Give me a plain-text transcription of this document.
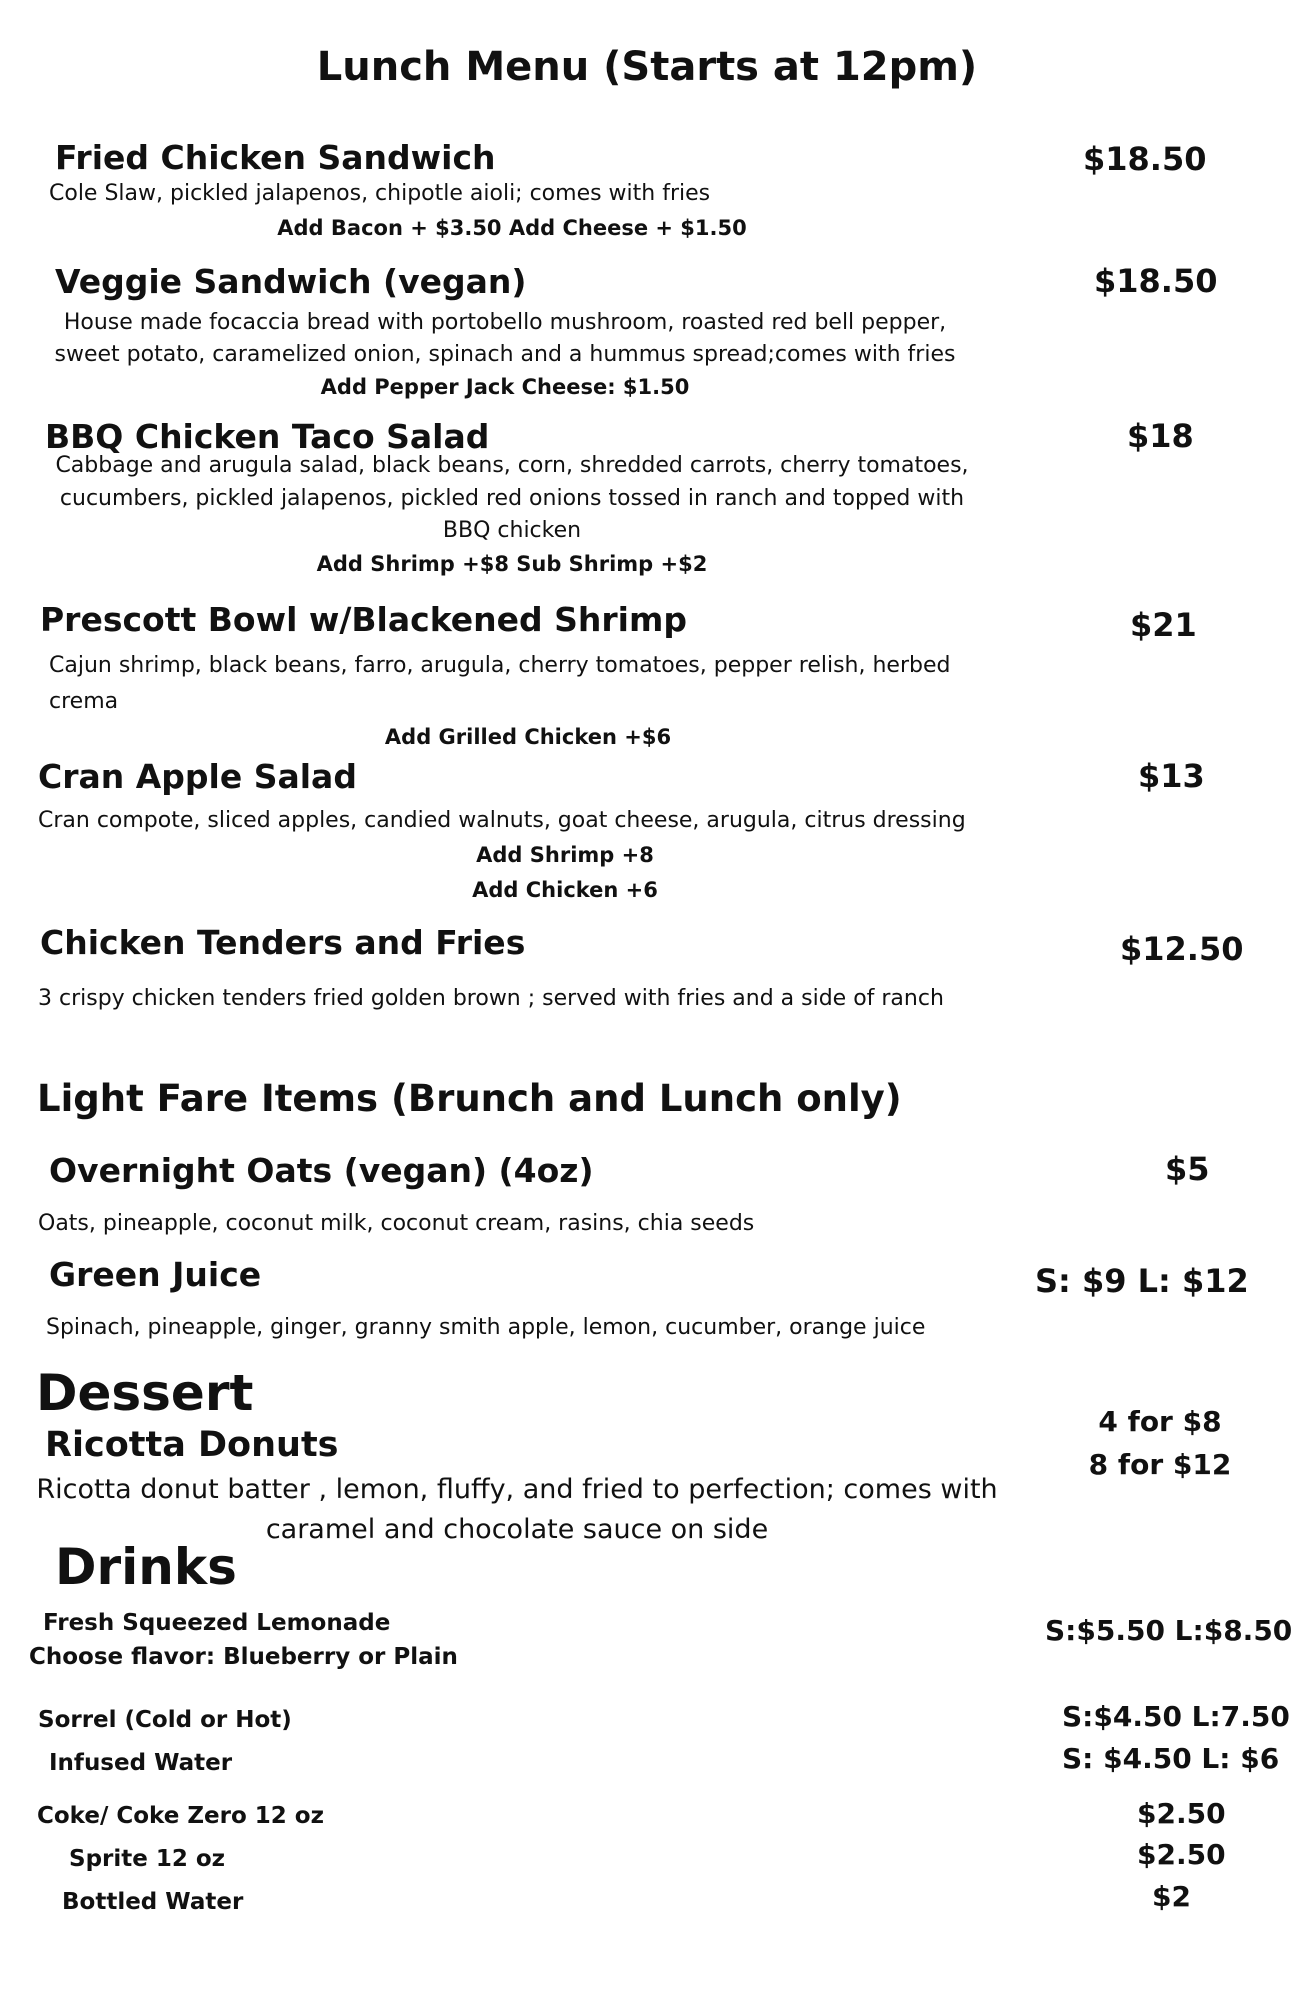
Lunch Menu (Starts at 12pm)
Fried Chicken Sandwich	$18.50
Cole Slaw, pickled jalapenos, chipotle aioli; comes with fries
Add Bacon + $3.50 Add Cheese + $1.50
Veggie Sandwich (vegan)	$18.50
House made focaccia bread with portobello mushroom, roasted red bell pepper,
sweet potato, caramelized onion, spinach and a hummus spread;comes with fries
Add Pepper Jack Cheese: $1.50
BBQ Chicken Taco Salad	$18
Cabbage and arugula salad, black beans, corn, shredded carrots, cherry tomatoes,
cucumbers, pickled jalapenos, pickled red onions tossed in ranch and topped with
BBQ chicken
Add Shrimp +$8 Sub Shrimp +$2
Prescott Bowl w/Blackened Shrimp	$21
Cajun shrimp, black beans, farro, arugula, cherry tomatoes, pepper relish, herbed
crema
Add Grilled Chicken +$6
Cran Apple Salad	$13
Cran compote, sliced apples, candied walnuts, goat cheese, arugula, citrus dressing
Add Shrimp +8
Add Chicken +6
Chicken Tenders and Fries	$12.50
3 crispy chicken tenders fried golden brown ; served with fries and a side of ranch
Light Fare Items (Brunch and Lunch only)
Overnight Oats (vegan) (4oz)	$5
Oats, pineapple, coconut milk, coconut cream, rasins, chia seeds
Green Juice	S: $9 L: $12
Spinach, pineapple, ginger, granny smith apple, lemon, cucumber, orange juice
Dessert
Ricotta Donuts
Ricotta donut batter , lemon, fluffy, and fried to perfection; comes with
caramel and chocolate sauce on side
4 for $8
8 for $12
Drinks
Fresh Squeezed Lemonade
Choose flavor: Blueberry or Plain
S:$5.50 L:$8.50
Sorrel (Cold or Hot)	S:$4.50 L:7.50
Infused Water	S: $4.50 L: $6
Coke/ Coke Zero 12 oz	$2.50
Sprite 12 oz	$2.50
Bottled Water	$2
